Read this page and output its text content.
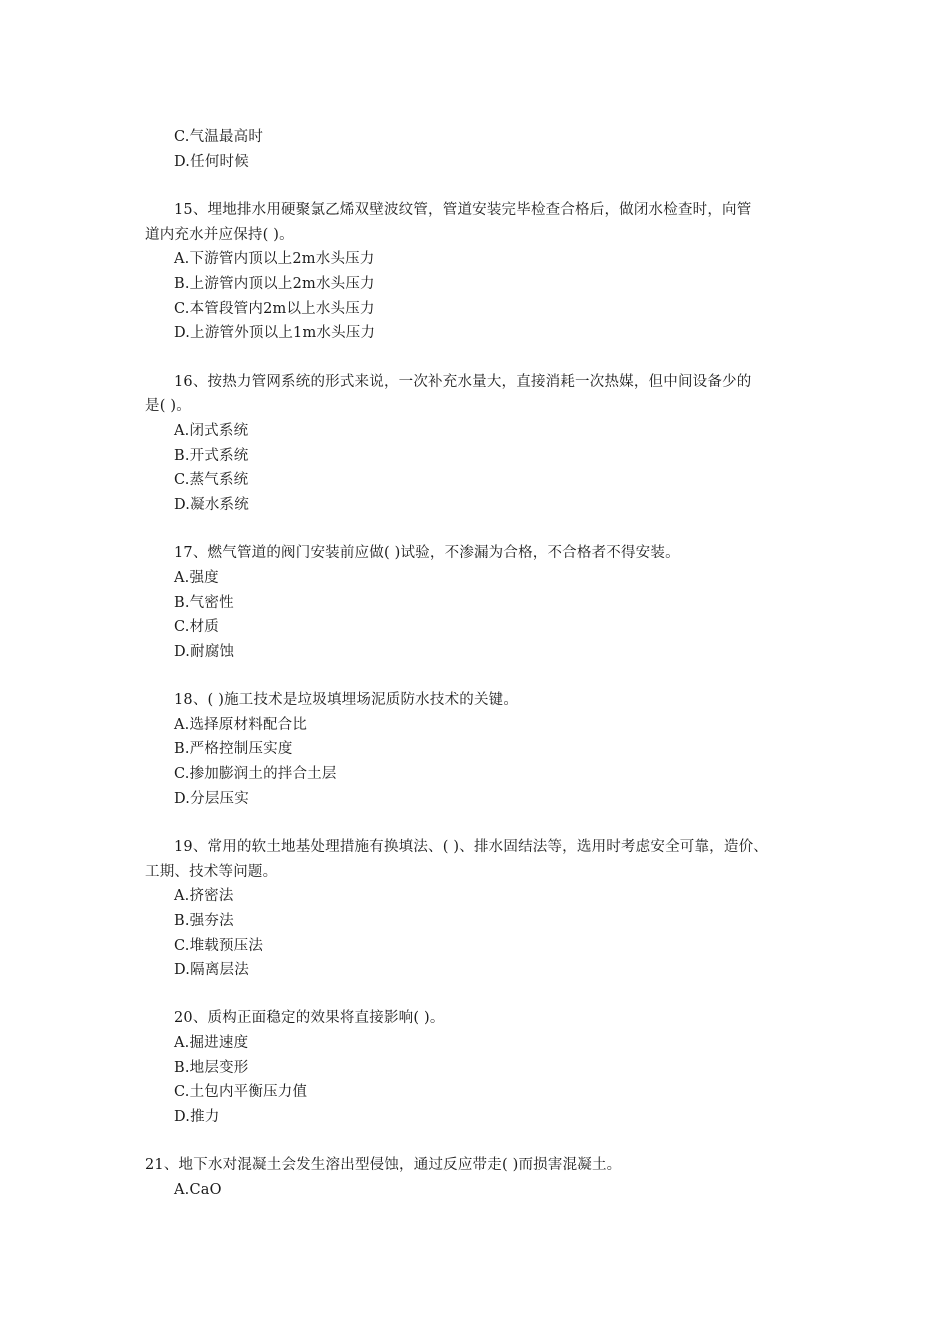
C.气温最高时
D.任何时候
15、埋地排水用硬聚氯乙烯双壁波纹管，管道安装完毕检查合格后，做闭水检查时，向管
道内充水并应保持( )。
A.下游管内顶以上2m水头压力
B.上游管内顶以上2m水头压力
C.本管段管内2m以上水头压力
D.上游管外顶以上1m水头压力
16、按热力管网系统的形式来说，一次补充水量大，直接消耗一次热媒，但中间设备少的
是( )。
A.闭式系统
B.开式系统
C.蒸气系统
D.凝水系统
17、燃气管道的阀门安装前应做( )试验，不渗漏为合格，不合格者不得安装。
A.强度
B.气密性
C.材质
D.耐腐蚀
18、( )施工技术是垃圾填埋场泥质防水技术的关键。
A.选择原材料配合比
B.严格控制压实度
C.掺加膨润土的拌合土层
D.分层压实
19、常用的软土地基处理措施有换填法、( )、排水固结法等，选用时考虑安全可靠，造价、
工期、技术等问题。
A.挤密法
B.强夯法
C.堆载预压法
D.隔离层法
20、质构正面稳定的效果将直接影响( )。
A.掘进速度
B.地层变形
C.土包内平衡压力值
D.推力
21、地下水对混凝土会发生溶出型侵蚀，通过反应带走( )而损害混凝土。
A.CaO
